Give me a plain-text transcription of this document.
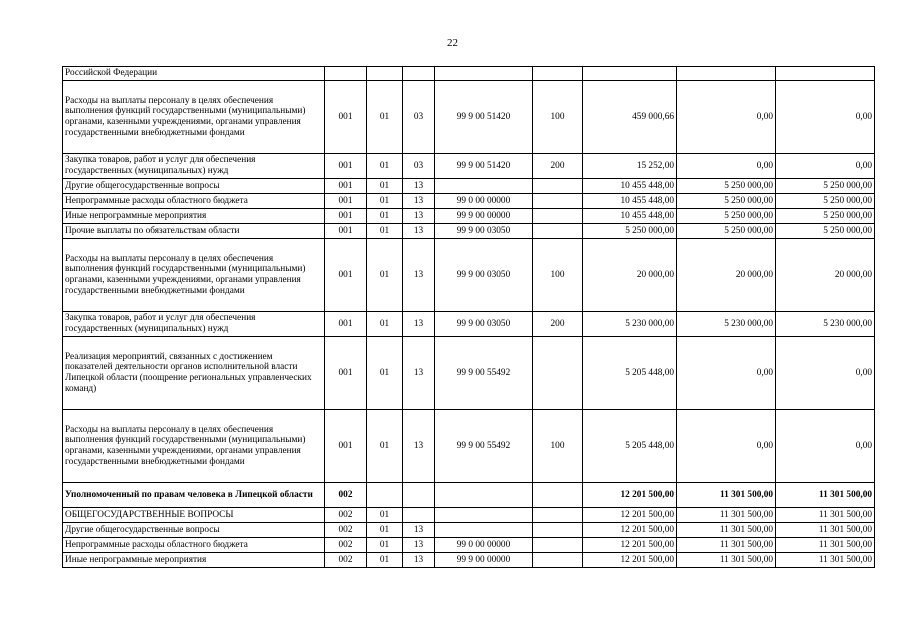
22
Российской Федерации								
Расходы на выплаты персоналу в целях обеспечения выполнения функций государственными (муниципальными) органами, казенными учреждениями, органами управления государственными внебюджетными фондами	001	01	03	99 9 00 51420	100	459 000,66	0,00	0,00
Закупка товаров, работ и услуг для обеспечения государственных (муниципальных) нужд	001	01	03	99 9 00 51420	200	15 252,00	0,00	0,00
Другие общегосударственные вопросы	001	01	13			10 455 448,00	5 250 000,00	5 250 000,00
Непрограммные расходы областного бюджета	001	01	13	99 0 00 00000		10 455 448,00	5 250 000,00	5 250 000,00
Иные непрограммные мероприятия	001	01	13	99 9 00 00000		10 455 448,00	5 250 000,00	5 250 000,00
Прочие выплаты по обязательствам области	001	01	13	99 9 00 03050		5 250 000,00	5 250 000,00	5 250 000,00
Расходы на выплаты персоналу в целях обеспечения выполнения функций государственными (муниципальными) органами, казенными учреждениями, органами управления государственными внебюджетными фондами	001	01	13	99 9 00 03050	100	20 000,00	20 000,00	20 000,00
Закупка товаров, работ и услуг для обеспечения государственных (муниципальных) нужд	001	01	13	99 9 00 03050	200	5 230 000,00	5 230 000,00	5 230 000,00
Реализация мероприятий, связанных с достижением показателей деятельности органов исполнительной власти Липецкой области (поощрение региональных управленческих команд)	001	01	13	99 9 00 55492		5 205 448,00	0,00	0,00
Расходы на выплаты персоналу в целях обеспечения выполнения функций государственными (муниципальными) органами, казенными учреждениями, органами управления государственными внебюджетными фондами	001	01	13	99 9 00 55492	100	5 205 448,00	0,00	0,00
Уполномоченный по правам человека в Липецкой области	002					12 201 500,00	11 301 500,00	11 301 500,00
ОБЩЕГОСУДАРСТВЕННЫЕ ВОПРОСЫ	002	01				12 201 500,00	11 301 500,00	11 301 500,00
Другие общегосударственные вопросы	002	01	13			12 201 500,00	11 301 500,00	11 301 500,00
Непрограммные расходы областного бюджета	002	01	13	99 0 00 00000		12 201 500,00	11 301 500,00	11 301 500,00
Иные непрограммные мероприятия	002	01	13	99 9 00 00000		12 201 500,00	11 301 500,00	11 301 500,00
